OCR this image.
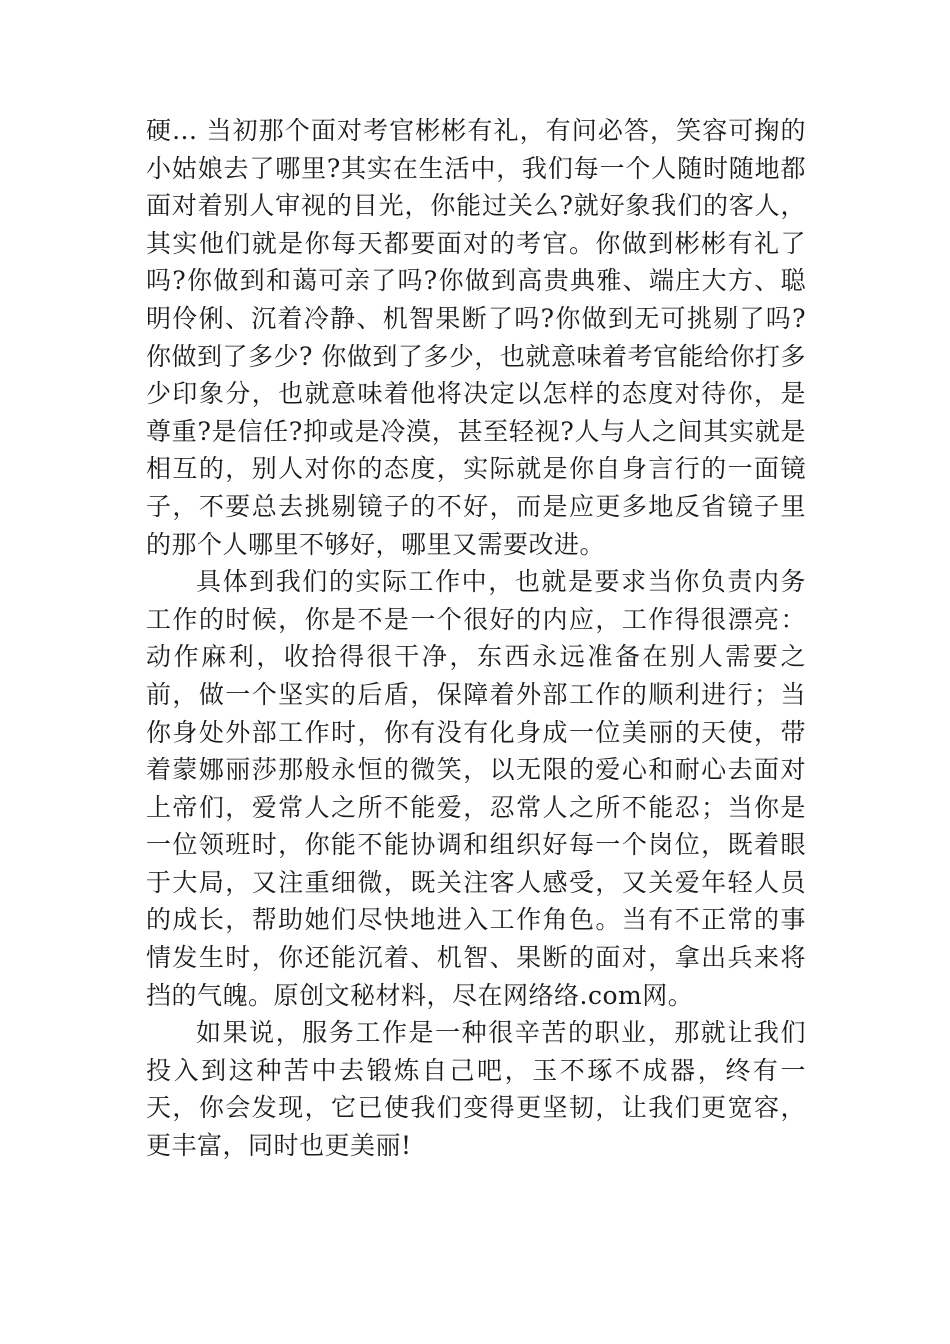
硬... 当初那个面对考官彬彬有礼，有问必答，笑容可掬的小姑娘去了哪里?其实在生活中，我们每一个人随时随地都面对着别人审视的目光，你能过关么?就好象我们的客人，其实他们就是你每天都要面对的考官。你做到彬彬有礼了吗?你做到和蔼可亲了吗?你做到高贵典雅、端庄大方、聪明伶俐、沉着冷静、机智果断了吗?你做到无可挑剔了吗?你做到了多少? 你做到了多少，也就意味着考官能给你打多少印象分，也就意味着他将决定以怎样的态度对待你，是尊重?是信任?抑或是冷漠，甚至轻视?人与人之间其实就是相互的，别人对你的态度，实际就是你自身言行的一面镜子，不要总去挑剔镜子的不好，而是应更多地反省镜子里的那个人哪里不够好，哪里又需要改进。

具体到我们的实际工作中，也就是要求当你负责内务工作的时候，你是不是一个很好的内应，工作得很漂亮：动作麻利，收拾得很干净，东西永远准备在别人需要之前，做一个坚实的后盾，保障着外部工作的顺利进行；当你身处外部工作时，你有没有化身成一位美丽的天使，带着蒙娜丽莎那般永恒的微笑，以无限的爱心和耐心去面对上帝们，爱常人之所不能爱，忍常人之所不能忍；当你是一位领班时，你能不能协调和组织好每一个岗位，既着眼于大局，又注重细微，既关注客人感受，又关爱年轻人员的成长，帮助她们尽快地进入工作角色。当有不正常的事情发生时，你还能沉着、机智、果断的面对，拿出兵来将挡的气魄。原创文秘材料，尽在网络络.com网。

如果说，服务工作是一种很辛苦的职业，那就让我们投入到这种苦中去锻炼自己吧，玉不琢不成器，终有一天，你会发现，它已使我们变得更坚韧，让我们更宽容，更丰富，同时也更美丽!
